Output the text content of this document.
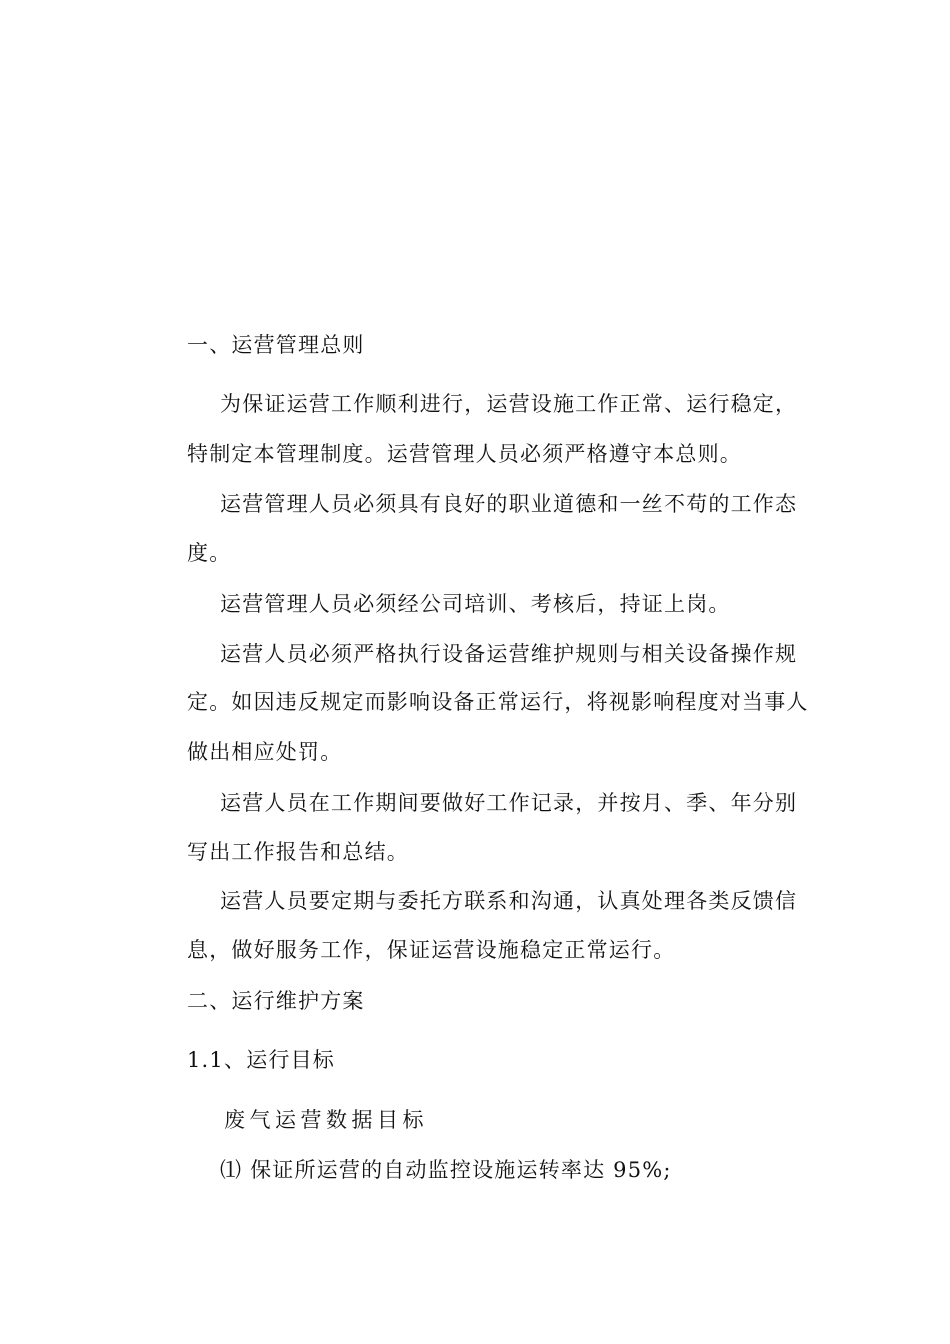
一、运营管理总则
为保证运营工作顺利进行，运营设施工作正常、运行稳定，
特制定本管理制度。运营管理人员必须严格遵守本总则。
运营管理人员必须具有良好的职业道德和一丝不苟的工作态
度。
运营管理人员必须经公司培训、考核后，持证上岗。
运营人员必须严格执行设备运营维护规则与相关设备操作规
定。如因违反规定而影响设备正常运行，将视影响程度对当事人
做出相应处罚。
运营人员在工作期间要做好工作记录，并按月、季、年分别
写出工作报告和总结。
运营人员要定期与委托方联系和沟通，认真处理各类反馈信
息，做好服务工作，保证运营设施稳定正常运行。
二、运行维护方案
1.1、运行目标
废气运营数据目标
⑴ 保证所运营的自动监控设施运转率达 95%;
